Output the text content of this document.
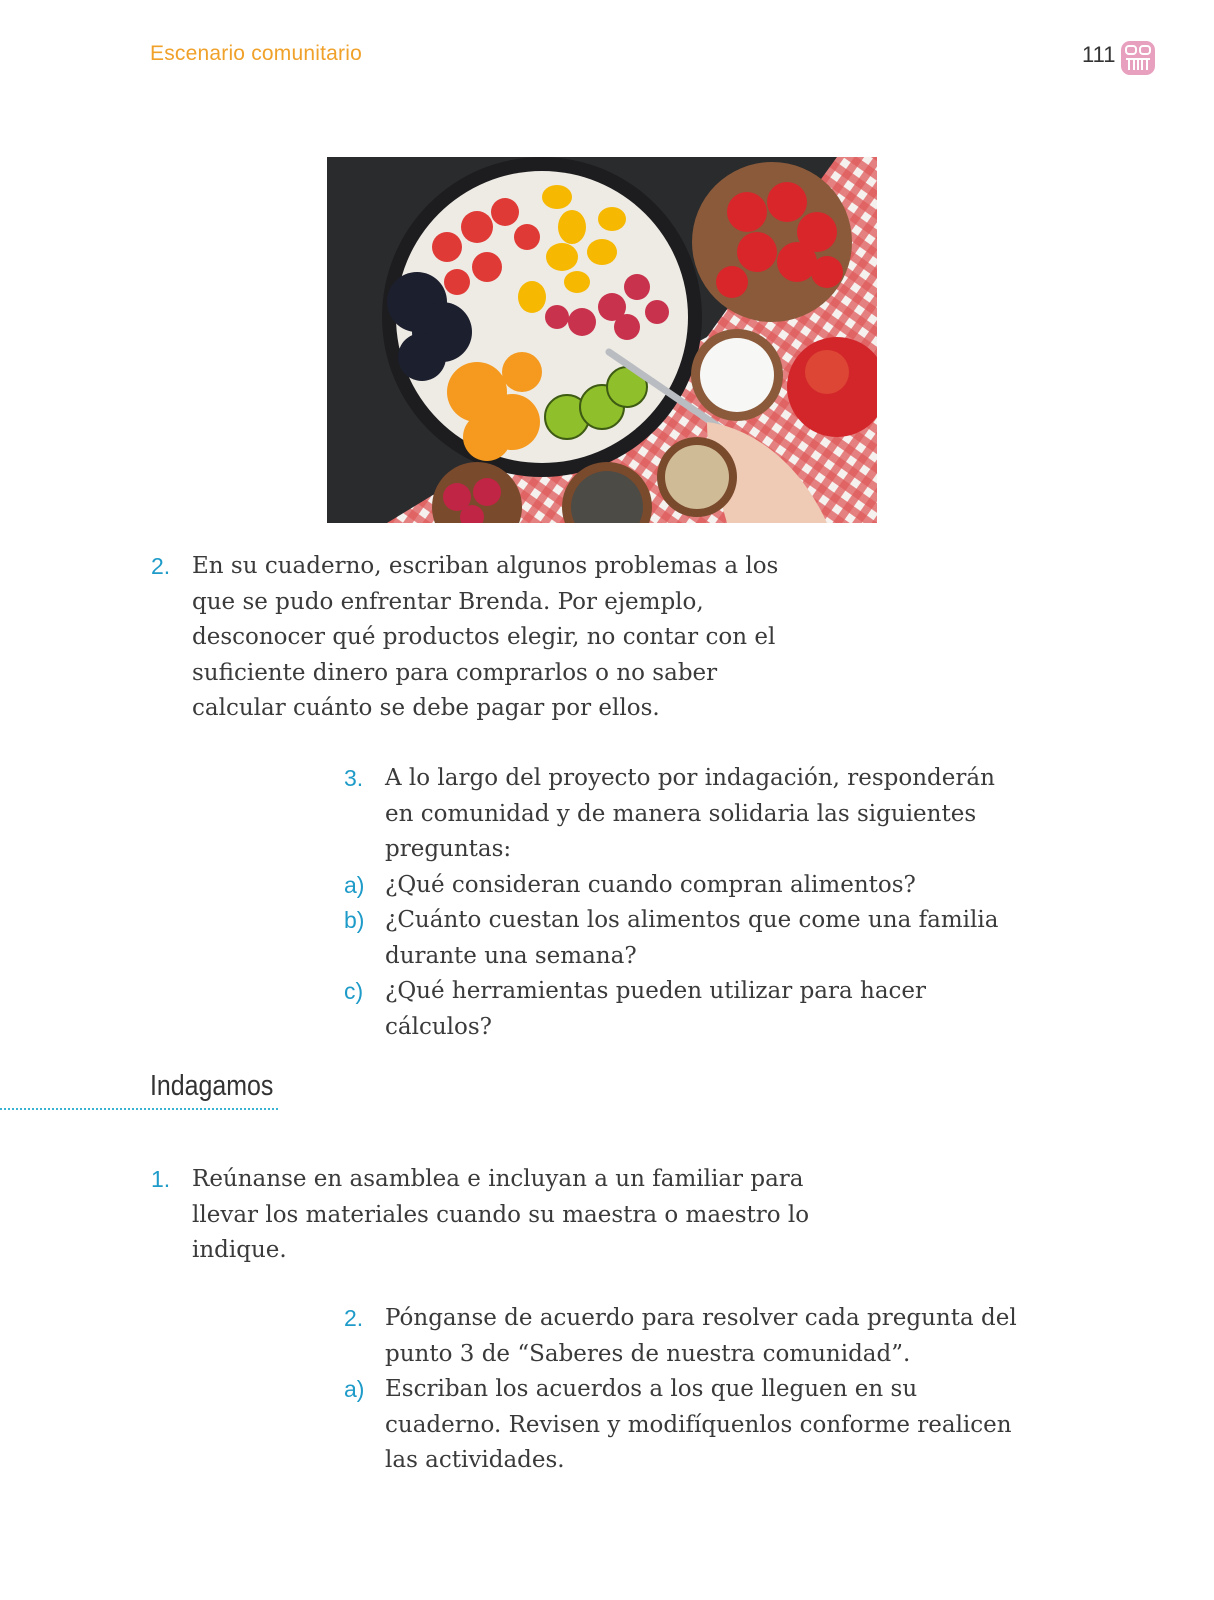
Escenario comunitario	111
2. En su cuaderno, escriban algunos problemas a los que se pudo enfrentar Brenda. Por ejemplo, desconocer qué productos elegir, no contar con el suficiente dinero para comprarlos o no saber calcular cuánto se debe pagar por ellos.

3. A lo largo del proyecto por indagación, responderán en comunidad y de manera solidaria las siguientes preguntas:

a) ¿Qué consideran cuando compran alimentos?
b) ¿Cuánto cuestan los alimentos que come una familia durante una semana?
c) ¿Qué herramientas pueden utilizar para hacer cálculos?
Indagamos
1. Reúnanse en asamblea e incluyan a un familiar para llevar los materiales cuando su maestra o maestro lo indique.

2. Pónganse de acuerdo para resolver cada pregunta del punto 3 de “Saberes de nuestra comunidad”.

a) Escriban los acuerdos a los que lleguen en su cuaderno. Revisen y modifíquenlos conforme realicen las actividades.
